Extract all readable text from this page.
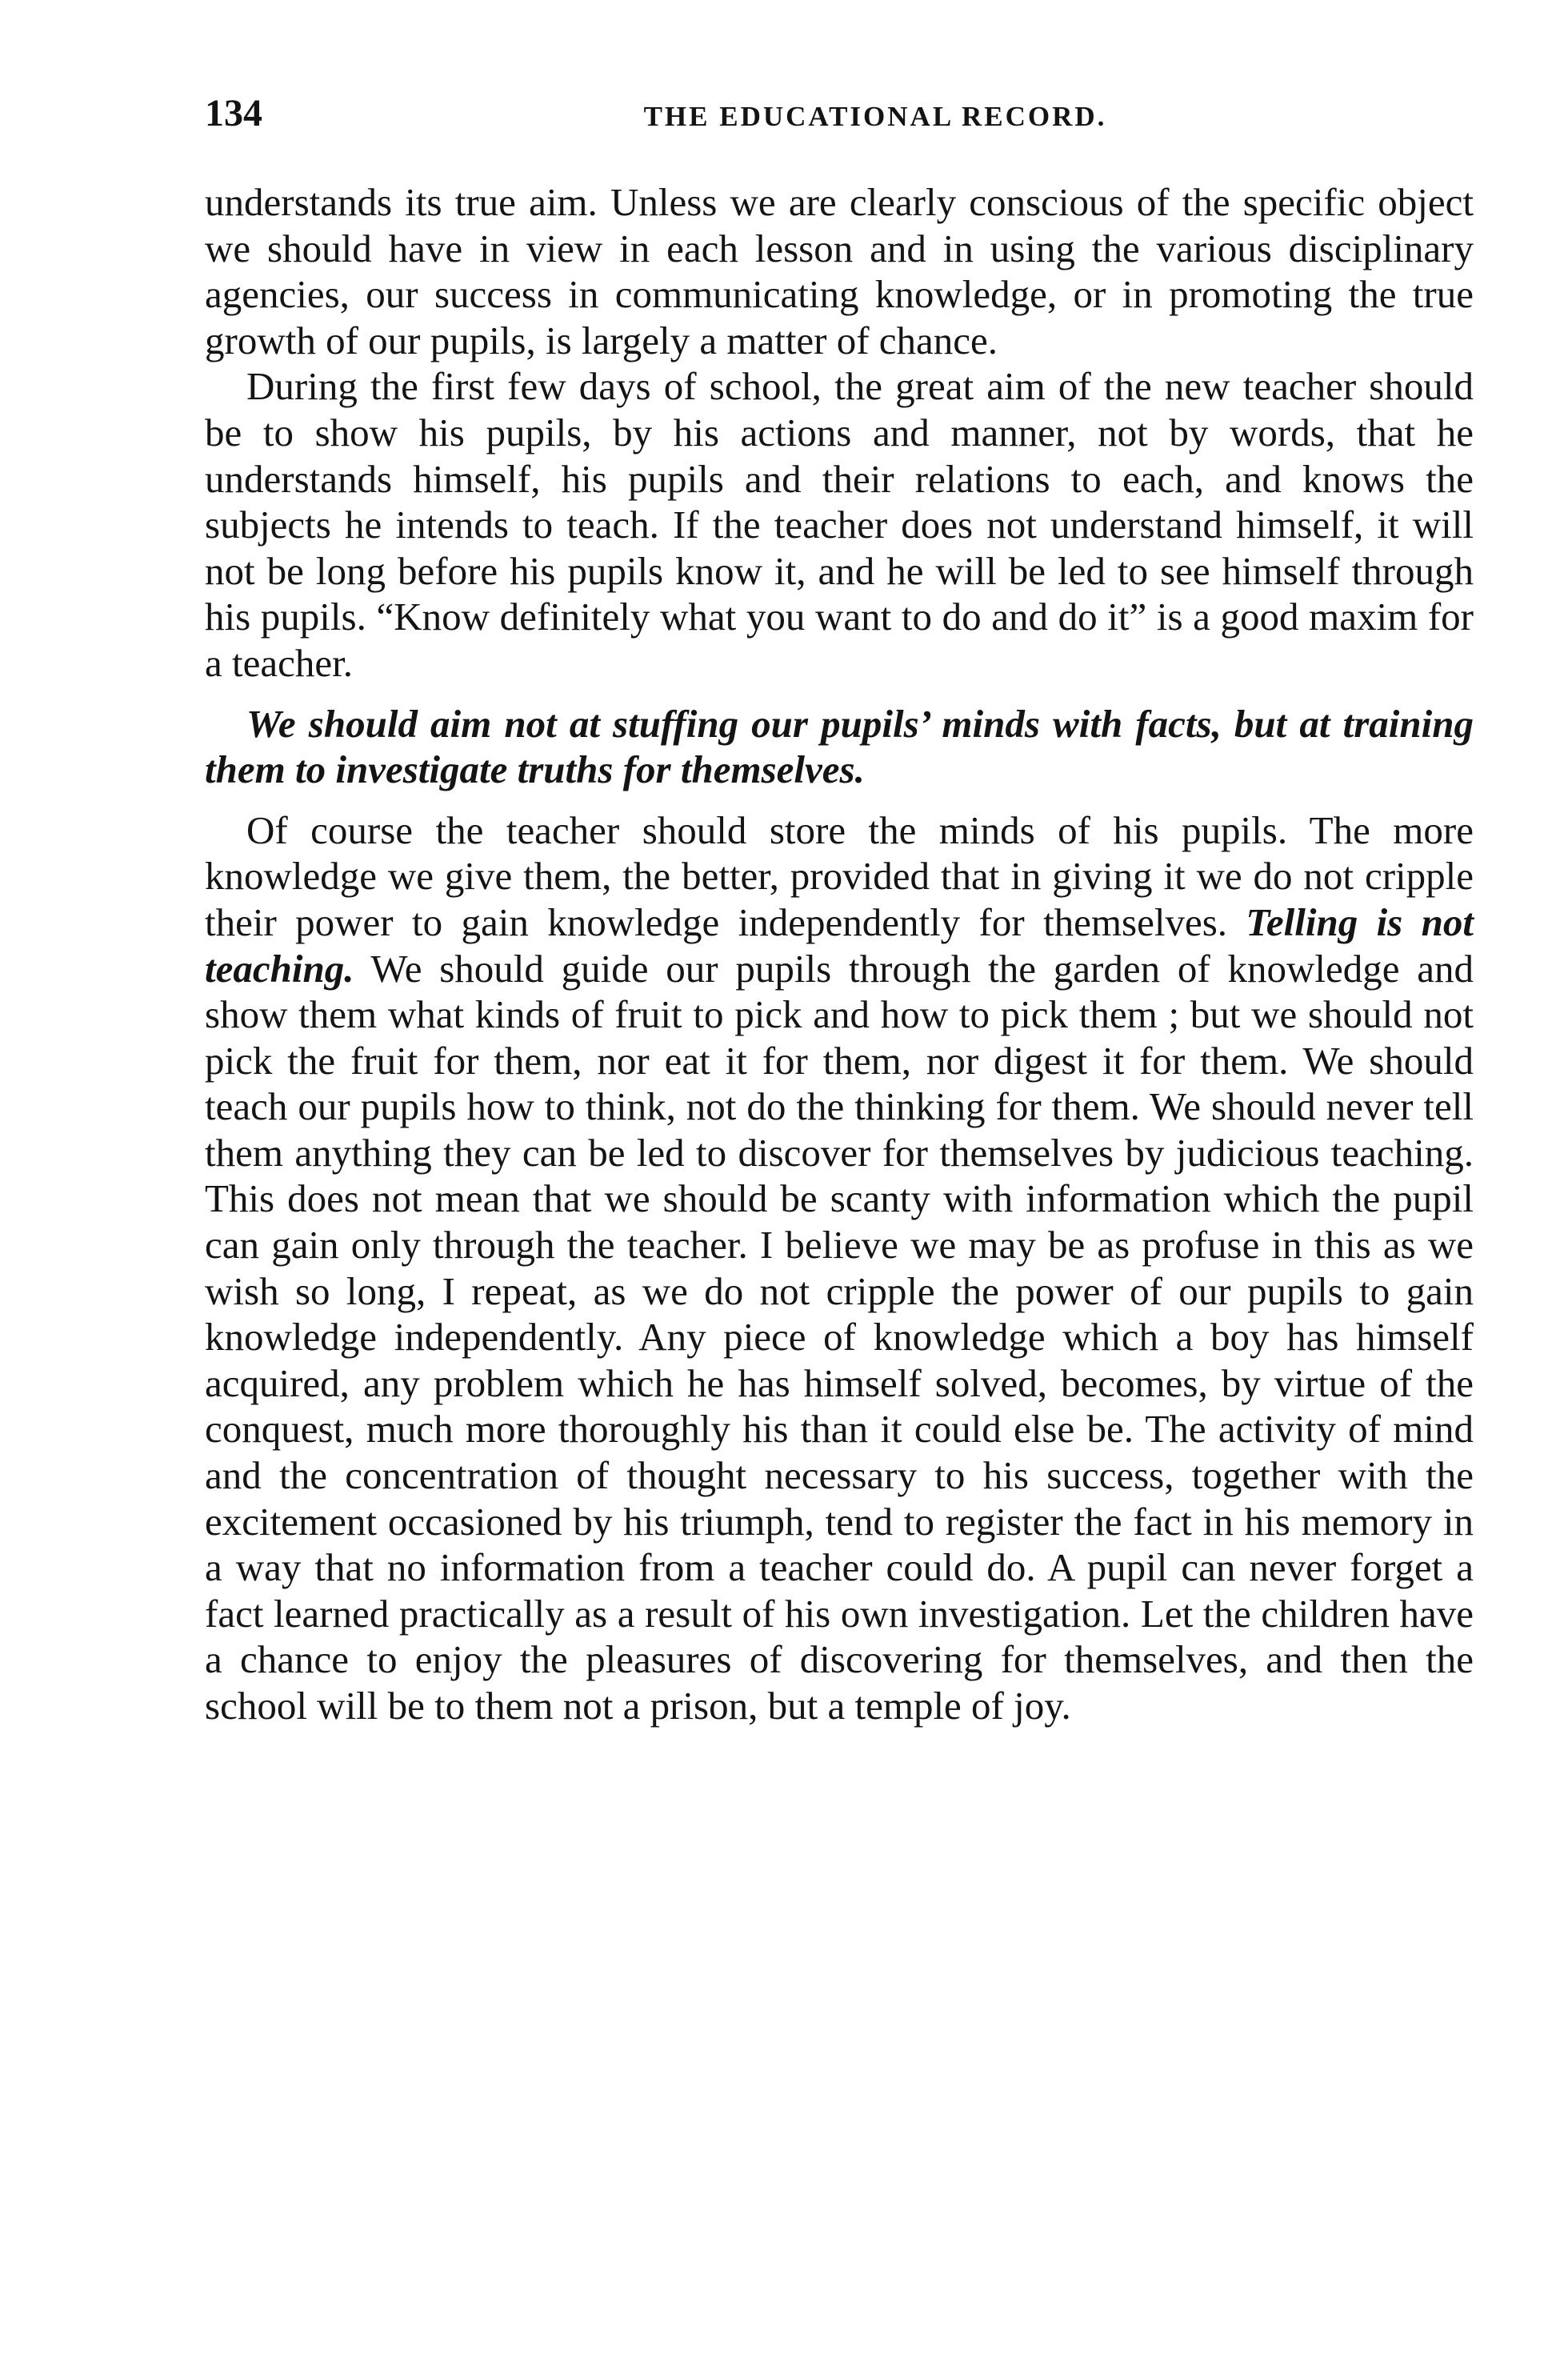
134	THE EDUCATIONAL RECORD.

understands its true aim. Unless we are clearly conscious of the specific object we should have in view in each lesson and in using the various disciplinary agencies, our success in communicating knowledge, or in promoting the true growth of our pupils, is largely a matter of chance.

During the first few days of school, the great aim of the new teacher should be to show his pupils, by his actions and manner, not by words, that he understands himself, his pupils and their relations to each, and knows the subjects he intends to teach. If the teacher does not understand himself, it will not be long before his pupils know it, and he will be led to see himself through his pupils. “Know definitely what you want to do and do it” is a good maxim for a teacher.

We should aim not at stuffing our pupils’ minds with facts, but at training them to investigate truths for themselves.

Of course the teacher should store the minds of his pupils. The more knowledge we give them, the better, provided that in giving it we do not cripple their power to gain knowledge independently for themselves. Telling is not teaching. We should guide our pupils through the garden of knowledge and show them what kinds of fruit to pick and how to pick them ; but we should not pick the fruit for them, nor eat it for them, nor digest it for them. We should teach our pupils how to think, not do the thinking for them. We should never tell them anything they can be led to discover for themselves by judicious teaching. This does not mean that we should be scanty with information which the pupil can gain only through the teacher. I believe we may be as profuse in this as we wish so long, I repeat, as we do not cripple the power of our pupils to gain knowledge independently. Any piece of knowledge which a boy has himself acquired, any problem which he has himself solved, becomes, by virtue of the conquest, much more thoroughly his than it could else be. The activity of mind and the concentration of thought necessary to his success, together with the excitement occasioned by his triumph, tend to register the fact in his memory in a way that no information from a teacher could do. A pupil can never forget a fact learned practically as a result of his own investigation. Let the children have a chance to enjoy the pleasures of discovering for themselves, and then the school will be to them not a prison, but a temple of joy.
